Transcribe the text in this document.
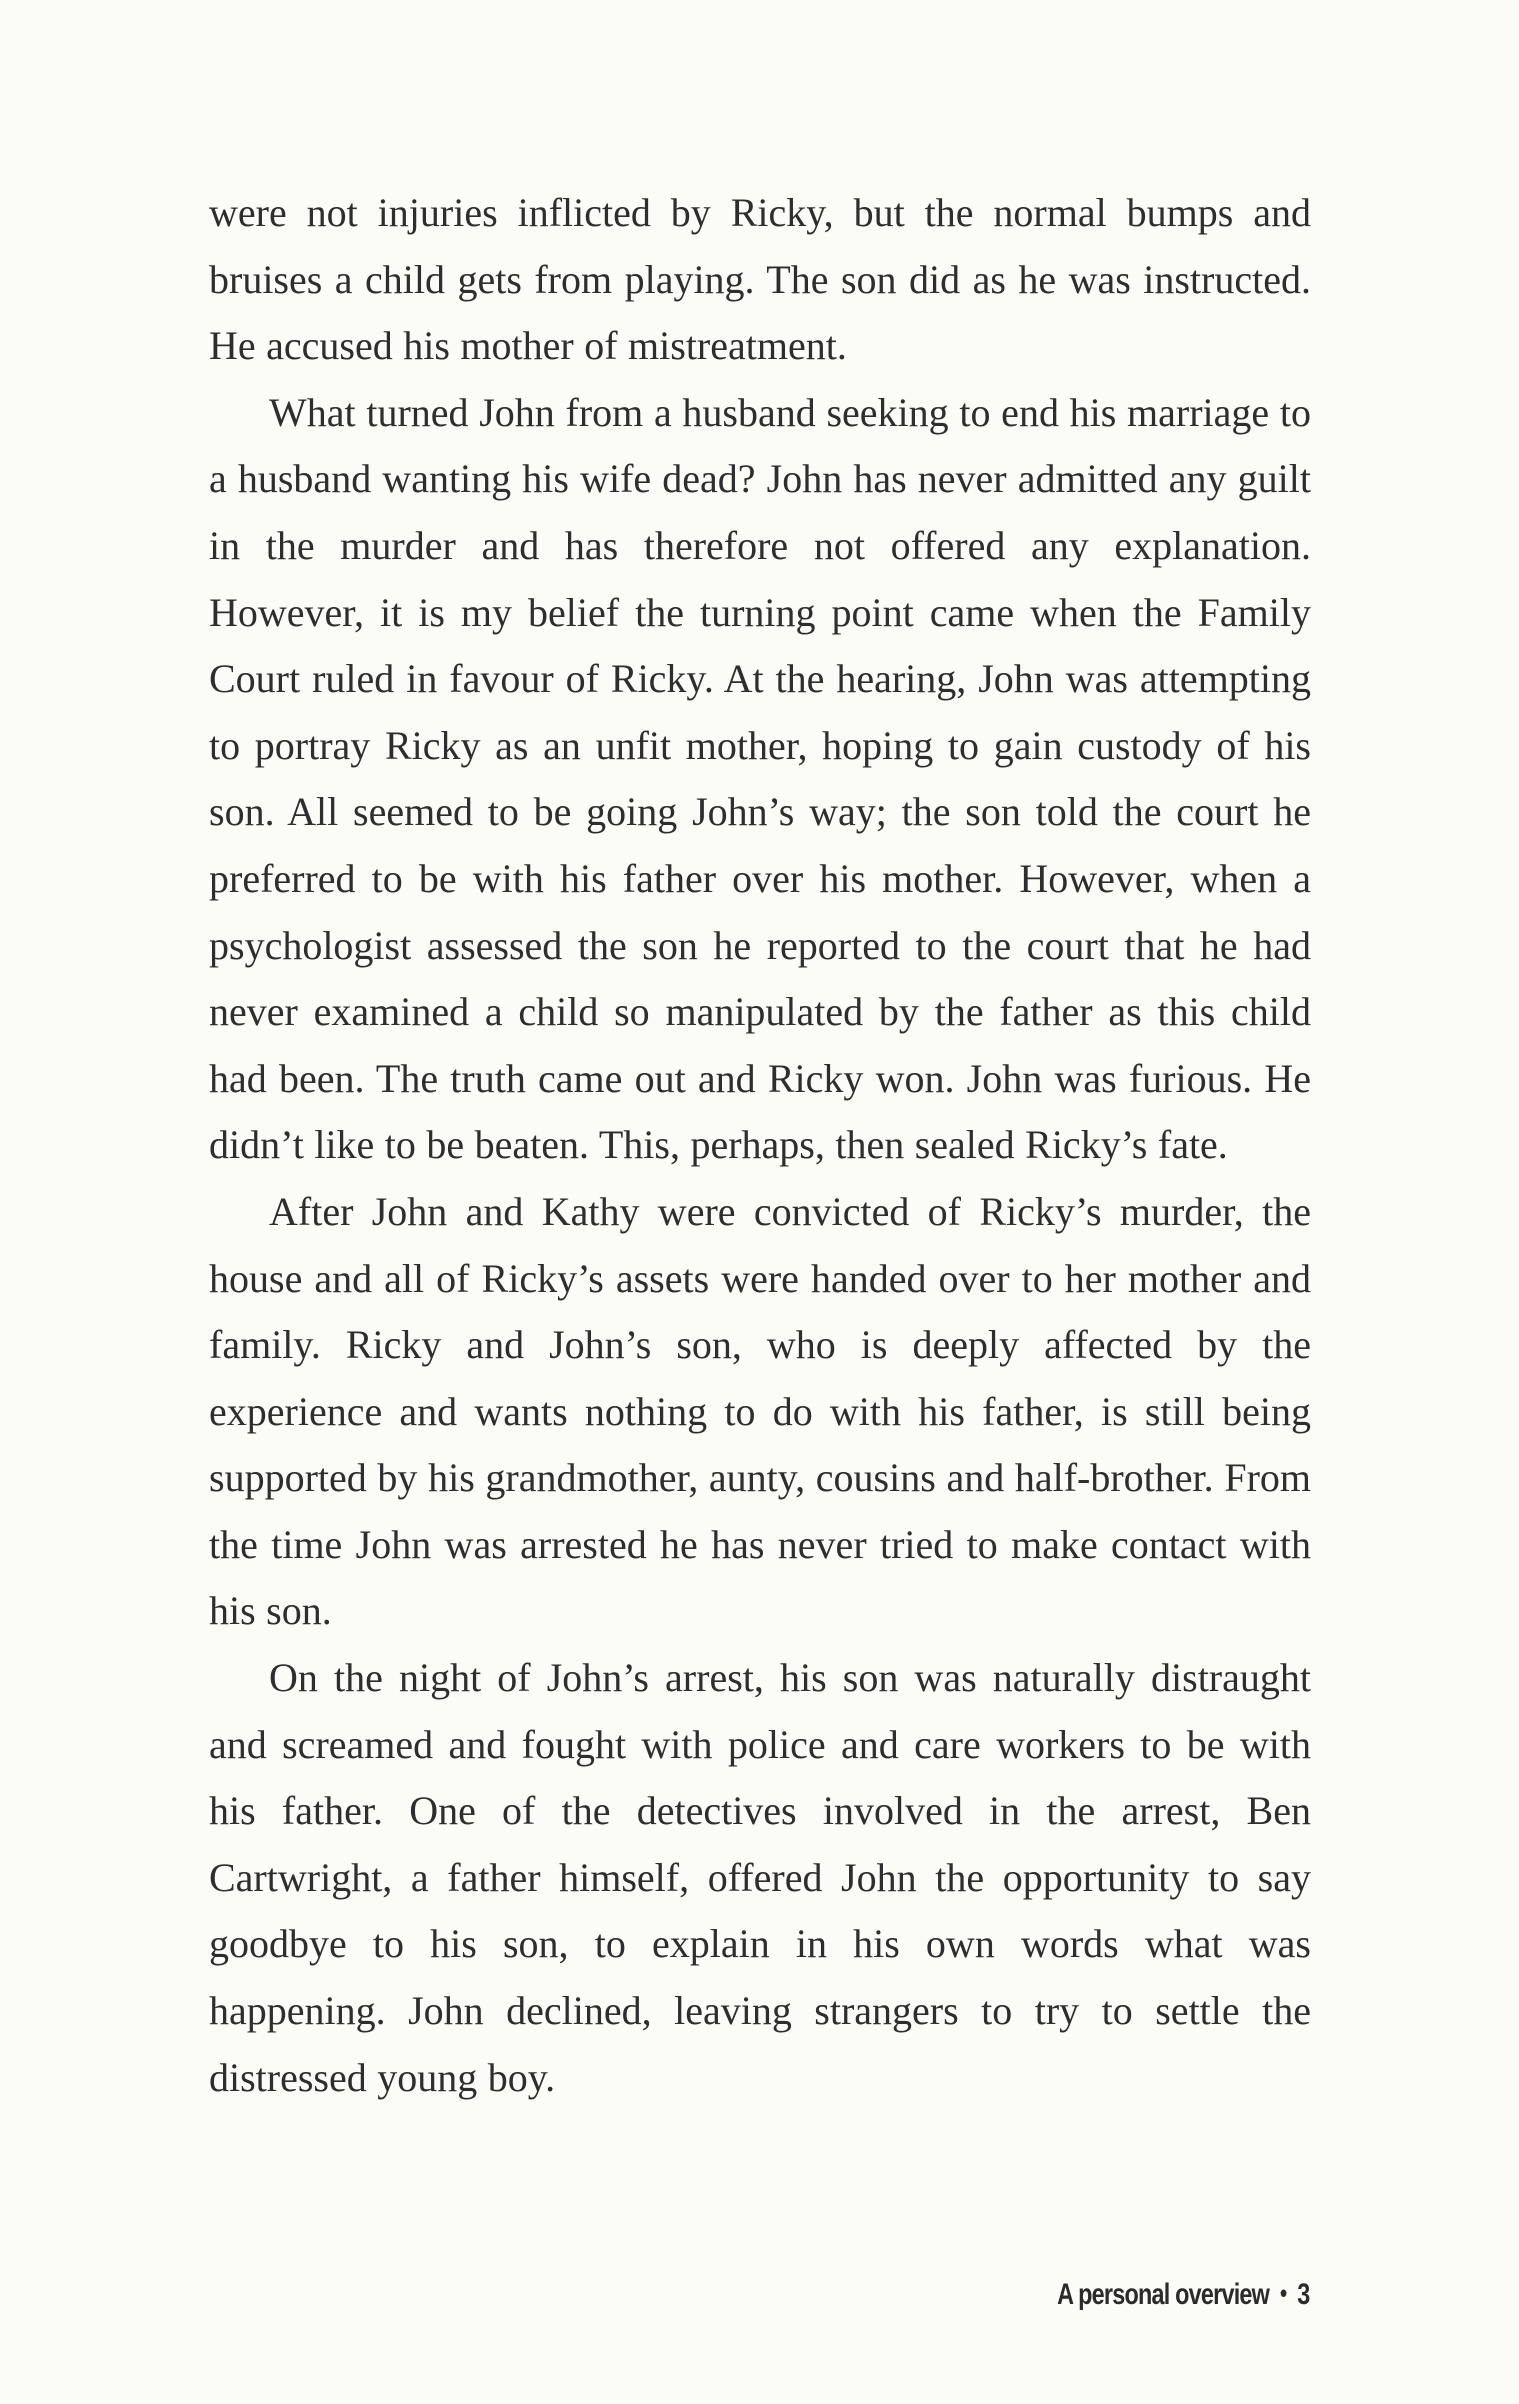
were not injuries inflicted by Ricky, but the normal bumps and bruises a child gets from playing. The son did as he was instructed. He accused his mother of mistreatment.

What turned John from a husband seeking to end his marriage to a husband wanting his wife dead? John has never admitted any guilt in the murder and has therefore not offered any explanation. However, it is my belief the turning point came when the Family Court ruled in favour of Ricky. At the hearing, John was attempting to portray Ricky as an unfit mother, hoping to gain custody of his son. All seemed to be going John’s way; the son told the court he preferred to be with his father over his mother. However, when a psychologist assessed the son he reported to the court that he had never examined a child so manipulated by the father as this child had been. The truth came out and Ricky won. John was furious. He didn’t like to be beaten. This, perhaps, then sealed Ricky’s fate.

After John and Kathy were convicted of Ricky’s murder, the house and all of Ricky’s assets were handed over to her mother and family. Ricky and John’s son, who is deeply affected by the experience and wants nothing to do with his father, is still being supported by his grandmother, aunty, cousins and half-brother. From the time John was arrested he has never tried to make contact with his son.

On the night of John’s arrest, his son was naturally distraught and screamed and fought with police and care workers to be with his father. One of the detectives involved in the arrest, Ben Cartwright, a father himself, offered John the opportunity to say goodbye to his son, to explain in his own words what was happening. John declined, leaving strangers to try to settle the distressed young boy.

A personal overview • 3
